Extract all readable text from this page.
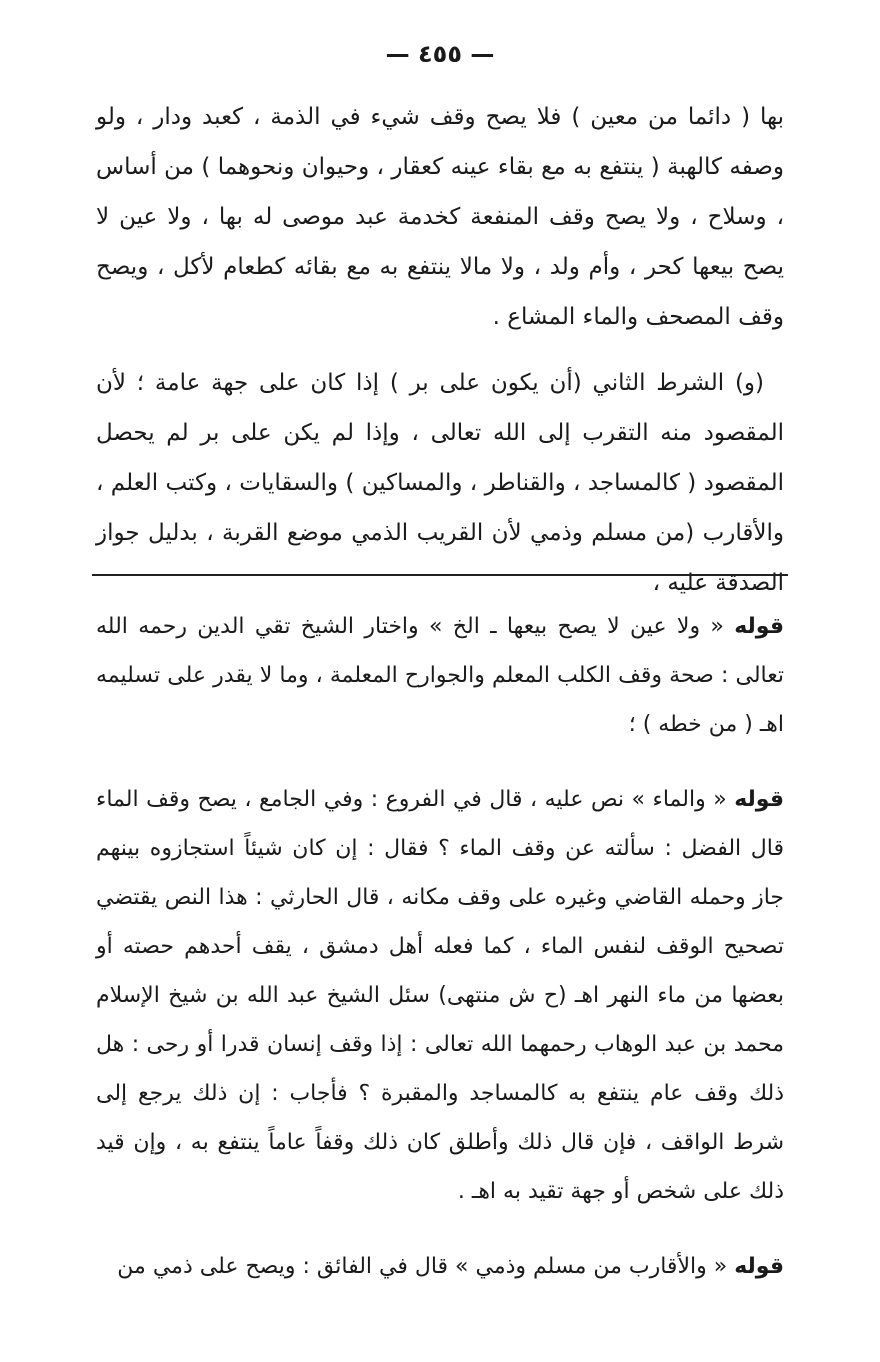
— ٤٥٥ —

بها ( دائما من معين ) فلا يصح وقف شيء في الذمة ، كعبد ودار ، ولو وصفه كالهبة ( ينتفع به مع بقاء عينه كعقار ، وحيوان ونحوهما ) من أساس ، وسلاح ، ولا يصح وقف المنفعة كخدمة عبد موصى له بها ، ولا عين لا يصح بيعها كحر ، وأم ولد ، ولا مالا ينتفع به مع بقائه كطعام لأكل ، ويصح وقف المصحف والماء المشاع .

(و) الشرط الثاني (أن يكون على بر ) إذا كان على جهة عامة ؛ لأن المقصود منه التقرب إلى الله تعالى ، وإذا لم يكن على بر لم يحصل المقصود ( كالمساجد ، والقناطر ، والمساكين ) والسقايات ، وكتب العلم ، والأقارب (من مسلم وذمي لأن القريب الذمي موضع القربة ، بدليل جواز الصدقة عليه ،

قوله « ولا عين لا يصح بيعها ـ الخ » واختار الشيخ تقي الدين رحمه الله تعالى : صحة وقف الكلب المعلم والجوارح المعلمة ، وما لا يقدر على تسليمه اهـ ( من خطه ) ؛

قوله « والماء » نص عليه ، قال في الفروع : وفي الجامع ، يصح وقف الماء قال الفضل : سألته عن وقف الماء ؟ فقال : إن كان شيئاً استجازوه بينهم جاز وحمله القاضي وغيره على وقف مكانه ، قال الحارثي : هذا النص يقتضي تصحيح الوقف لنفس الماء ، كما فعله أهل دمشق ، يقف أحدهم حصته أو بعضها من ماء النهر اهـ (ح ش منتهى) سئل الشيخ عبد الله بن شيخ الإسلام محمد بن عبد الوهاب رحمهما الله تعالى : إذا وقف إنسان قدرا أو رحى : هل ذلك وقف عام ينتفع به كالمساجد والمقبرة ؟ فأجاب : إن ذلك يرجع إلى شرط الواقف ، فإن قال ذلك وأطلق كان ذلك وقفاً عاماً ينتفع به ، وإن قيد ذلك على شخص أو جهة تقيد به اهـ .

قوله « والأقارب من مسلم وذمي » قال في الفائق : ويصح على ذمي من
